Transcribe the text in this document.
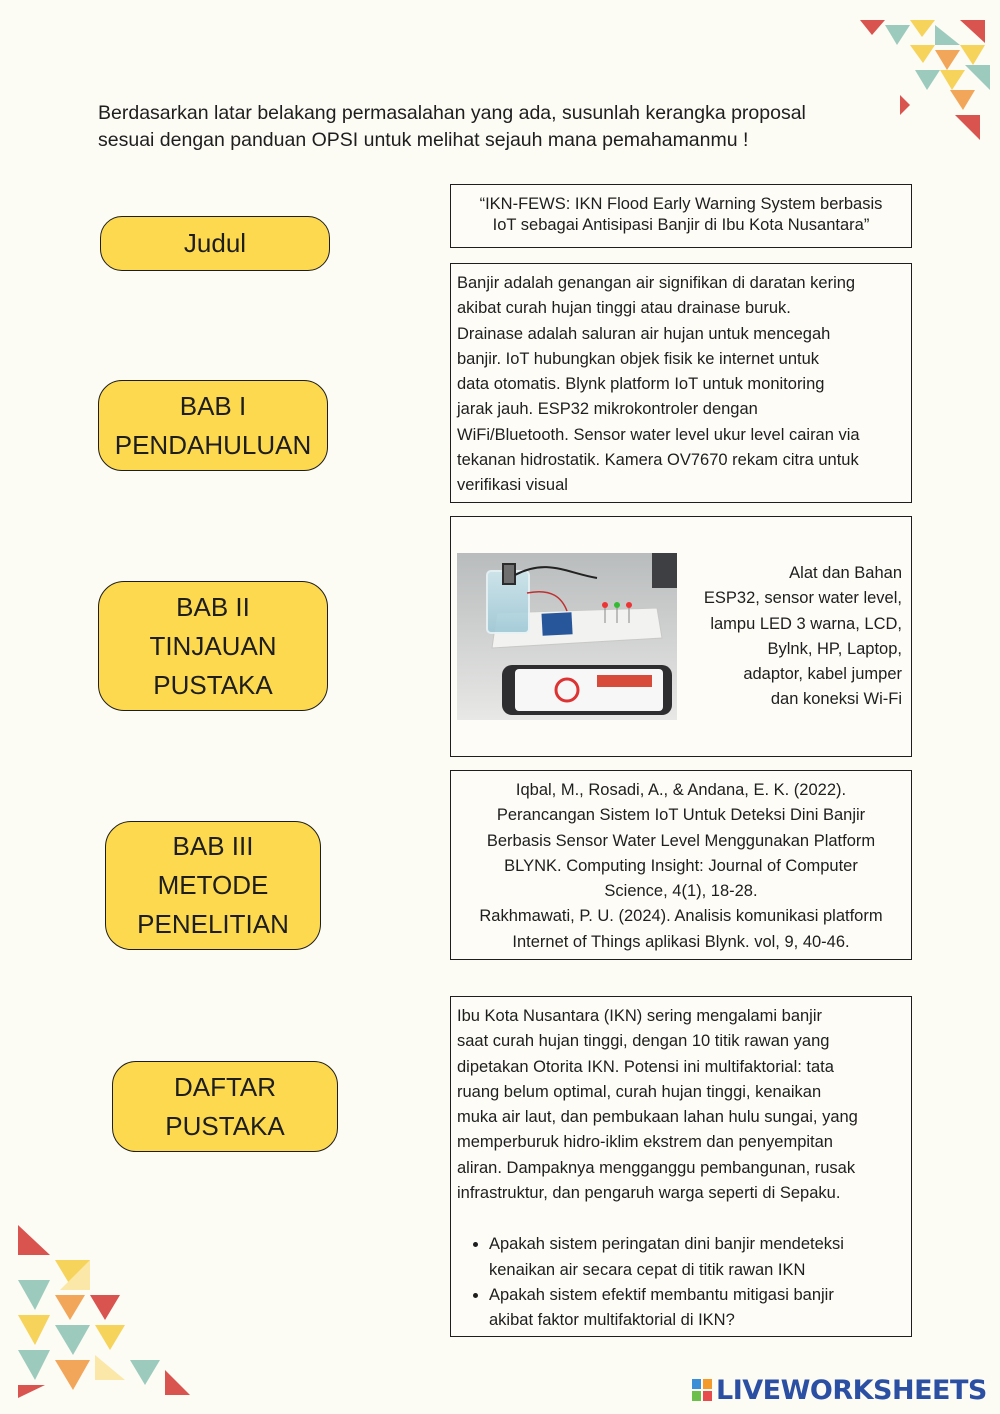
Berdasarkan latar belakang permasalahan yang ada, susunlah kerangka proposal
sesuai dengan panduan OPSI untuk melihat sejauh mana pemahamanmu !
Judul
BAB I
PENDAHULUAN
BAB II
TINJAUAN
PUSTAKA
BAB III
METODE
PENELITIAN
DAFTAR
PUSTAKA
“IKN-FEWS: IKN Flood Early Warning System berbasis
IoT sebagai Antisipasi Banjir di Ibu Kota Nusantara”
Banjir adalah genangan air signifikan di daratan kering
akibat curah hujan tinggi atau drainase buruk.
Drainase adalah saluran air hujan untuk mencegah
banjir. IoT hubungkan objek fisik ke internet untuk
data otomatis. Blynk platform IoT untuk monitoring
jarak jauh. ESP32 mikrokontroler dengan
WiFi/Bluetooth. Sensor water level ukur level cairan via
tekanan hidrostatik. Kamera OV7670 rekam citra untuk
verifikasi visual
Alat dan Bahan
ESP32, sensor water level,
lampu LED 3 warna, LCD,
Bylnk, HP, Laptop,
adaptor, kabel jumper
dan koneksi Wi-Fi
Iqbal, M., Rosadi, A., & Andana, E. K. (2022).
Perancangan Sistem IoT Untuk Deteksi Dini Banjir
Berbasis Sensor Water Level Menggunakan Platform
BLYNK. Computing Insight: Journal of Computer
Science, 4(1), 18-28.
Rakhmawati, P. U. (2024). Analisis komunikasi platform
Internet of Things aplikasi Blynk. vol, 9, 40-46.
Ibu Kota Nusantara (IKN) sering mengalami banjir
saat curah hujan tinggi, dengan 10 titik rawan yang
dipetakan Otorita IKN. Potensi ini multifaktorial: tata
ruang belum optimal, curah hujan tinggi, kenaikan
muka air laut, dan pembukaan lahan hulu sungai, yang
memperburuk hidro-iklim ekstrem dan penyempitan
aliran. Dampaknya mengganggu pembangunan, rusak
infrastruktur, dan pengaruh warga seperti di Sepaku.
• Apakah sistem peringatan dini banjir mendeteksi
kenaikan air secara cepat di titik rawan IKN
• Apakah sistem efektif membantu mitigasi banjir
akibat faktor multifaktorial di IKN?
LIVEWORKSHEETS
